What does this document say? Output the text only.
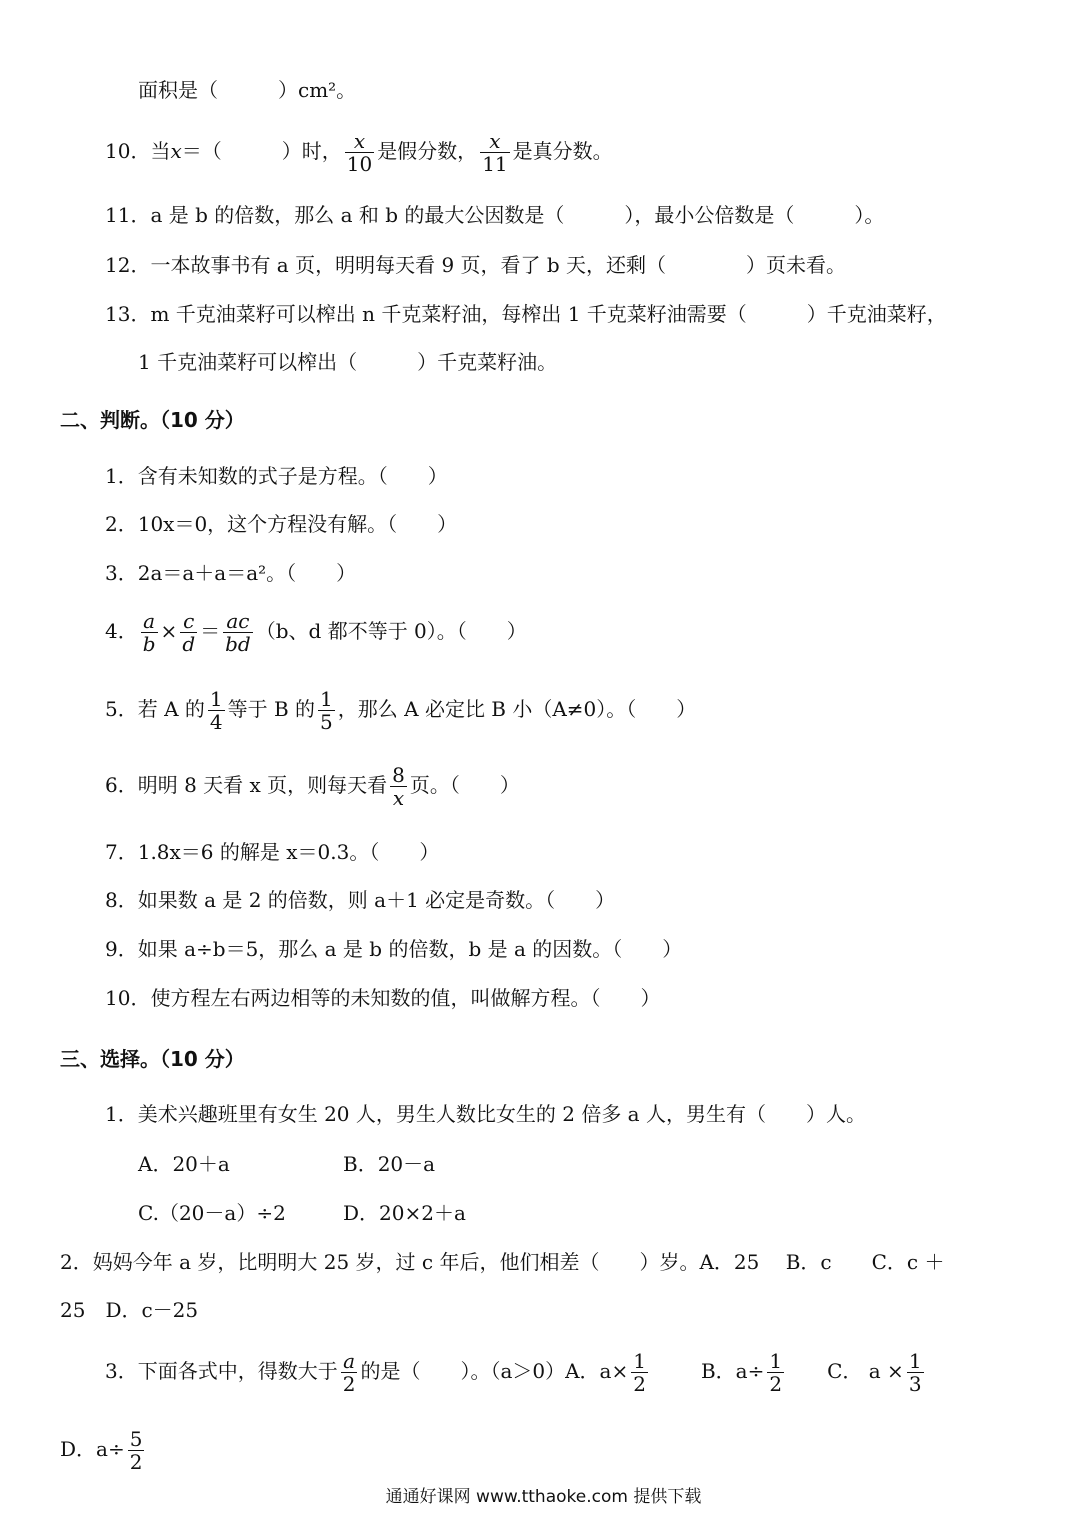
面积是（　　　）cm²。
10．当x＝（　　　）时， $\frac{x}{10}$ 是假分数， $\frac{x}{11}$ 是真分数。
11．a 是 b 的倍数，那么 a 和 b 的最大公因数是（　　　），最小公倍数是（　　　）。
12．一本故事书有 a 页，明明每天看 9 页，看了 b 天，还剩（　　　　）页未看。
13．m 千克油菜籽可以榨出 n 千克菜籽油，每榨出 1 千克菜籽油需要（　　　）千克油菜籽，
1 千克油菜籽可以榨出（　　　）千克菜籽油。
二、判断。（10 分）
1．含有未知数的式子是方程。（　　）
2．10x＝0，这个方程没有解。（　　）
3．2a＝a＋a＝a²。（　　）
4． $\frac{a}{b} \times \frac{c}{d} = \frac{ac}{bd} (b$、d 都不等于 0）。（　　）
5．若 A 的 $\frac{1}{4}$ 等于 B 的 $\frac{1}{5}$ ，那么 A 必定比 B 小（A≠0）。（　　）
6．明明 8 天看 x 页，则每天看 $\frac{8}{x}$ 页。（　　）
7．1.8x＝6 的解是 x＝0.3。（　　）
8．如果数 a 是 2 的倍数，则 a＋1 必定是奇数。（　　）
9．如果 a÷b＝5，那么 a 是 b 的倍数，b 是 a 的因数。（　　）
10．使方程左右两边相等的未知数的值，叫做解方程。（　　）
三、选择。（10 分）
1．美术兴趣班里有女生 20 人，男生人数比女生的 2 倍多 a 人，男生有（　　）人。
A．20＋a	B．20－a
C.（20－a）÷2	D．20×2＋a
2．妈妈今年 a 岁，比明明大 25 岁，过 c 年后，他们相差（　　）岁。A．25　 B．c　　C．c ＋
25　D．c－25
3．下面各式中，得数大于 $\frac{a}{2}$ 的是（　　）。（a＞0）A．$a\times \frac{1}{2}$	B．$a\div \frac{1}{2}$ C． $a \times \frac{1}{3}$
D．$a\div \frac{5}{2}$
通通好课网 www.tthaoke.com 提供下载
